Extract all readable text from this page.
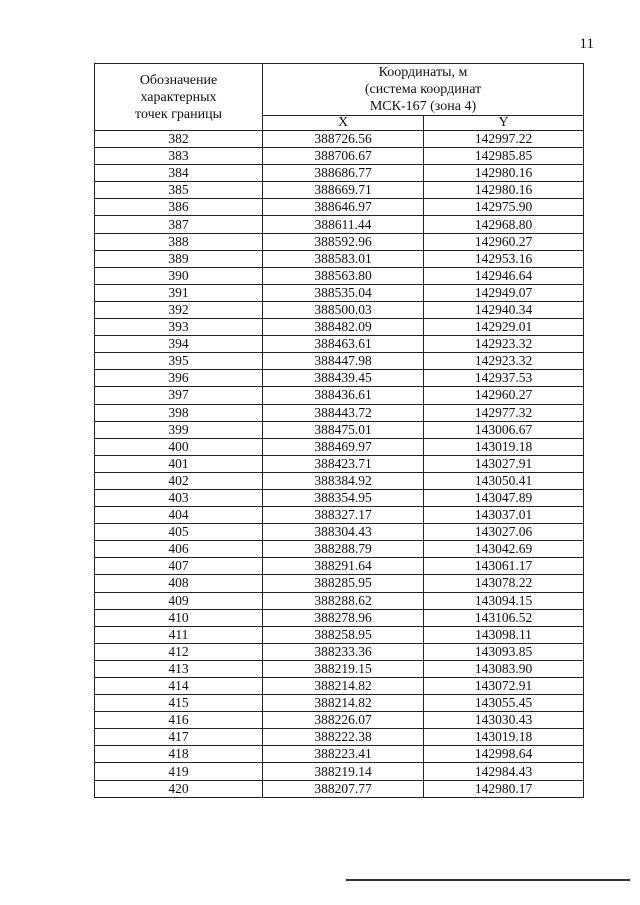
11
Обозначение
характерных
точек границы	Координаты, м
(система координат
МСК-167 (зона 4)	

	X	Y
382	388726.56	142997.22
383	388706.67	142985.85
384	388686.77	142980.16
385	388669.71	142980.16
386	388646.97	142975.90
387	388611.44	142968.80
388	388592.96	142960.27
389	388583.01	142953.16
390	388563.80	142946.64
391	388535.04	142949.07
392	388500.03	142940.34
393	388482.09	142929.01
394	388463.61	142923.32
395	388447.98	142923.32
396	388439.45	142937.53
397	388436.61	142960.27
398	388443.72	142977.32
399	388475.01	143006.67
400	388469.97	143019.18
401	388423.71	143027.91
402	388384.92	143050.41
403	388354.95	143047.89
404	388327.17	143037.01
405	388304.43	143027.06
406	388288.79	143042.69
407	388291.64	143061.17
408	388285.95	143078.22
409	388288.62	143094.15
410	388278.96	143106.52
411	388258.95	143098.11
412	388233.36	143093.85
413	388219.15	143083.90
414	388214.82	143072.91
415	388214.82	143055.45
416	388226.07	143030.43
417	388222.38	143019.18
418	388223.41	142998.64
419	388219.14	142984.43
420	388207.77	142980.17
